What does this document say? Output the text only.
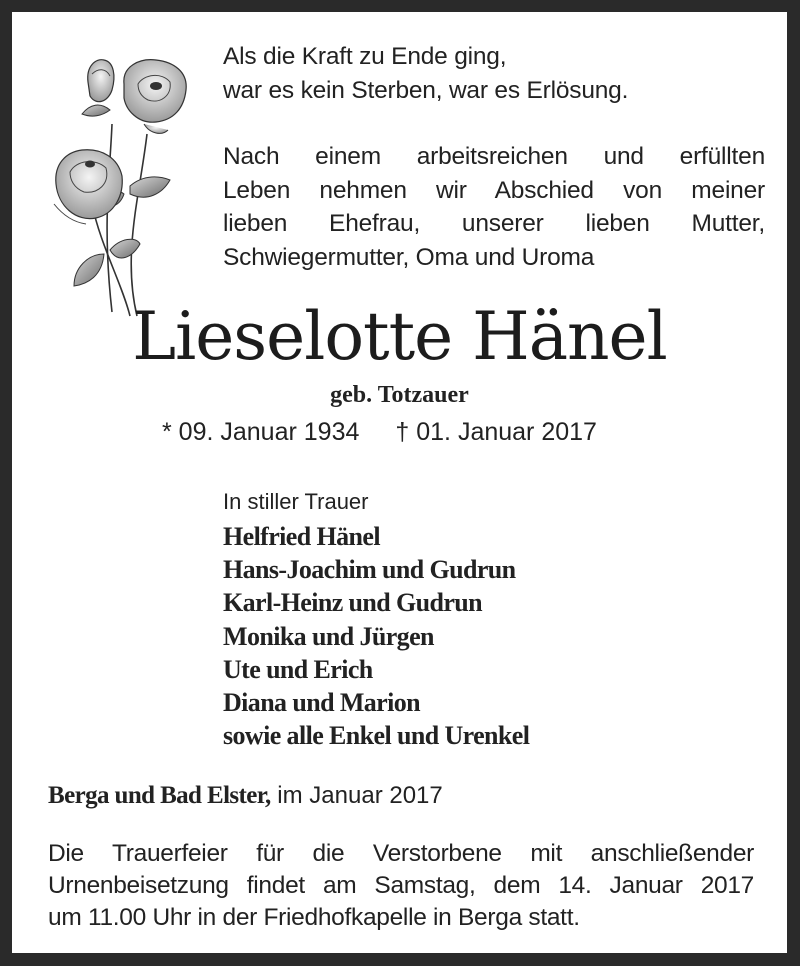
Als die Kraft zu Ende ging,
war es kein Sterben, war es Erlösung.
Nach einem arbeitsreichen und erfüllten
Leben nehmen wir Abschied von meiner
lieben Ehefrau, unserer lieben Mutter,
Schwiegermutter, Oma und Uroma
Lieselotte Hänel
geb. Totzauer
* 09. Januar 1934 † 01. Januar 2017
In stiller Trauer
Helfried Hänel
Hans-Joachim und Gudrun
Karl-Heinz und Gudrun
Monika und Jürgen
Ute und Erich
Diana und Marion
sowie alle Enkel und Urenkel
Berga und Bad Elster, im Januar 2017
Die Trauerfeier für die Verstorbene mit anschließender
Urnenbeisetzung findet am Samstag, dem 14. Januar 2017
um 11.00 Uhr in der Friedhofkapelle in Berga statt.
